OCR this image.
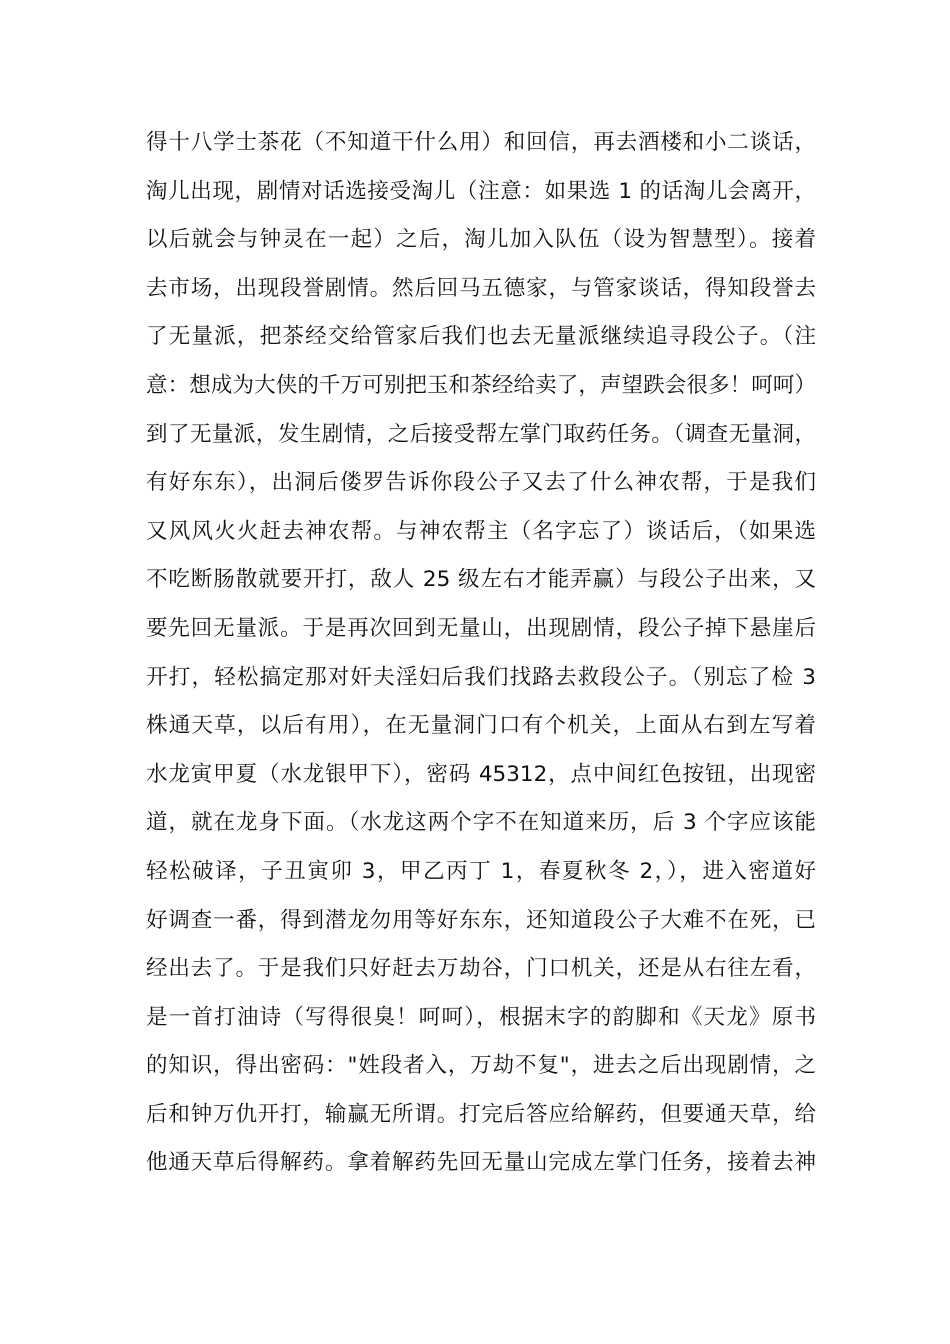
得十八学士茶花（不知道干什么用）和回信，再去酒楼和小二谈话，
淘儿出现，剧情对话选接受淘儿（注意：如果选 1 的话淘儿会离开，
以后就会与钟灵在一起）之后，淘儿加入队伍（设为智慧型）。接着
去市场，出现段誉剧情。然后回马五德家，与管家谈话，得知段誉去
了无量派，把茶经交给管家后我们也去无量派继续追寻段公子。（注
意：想成为大侠的千万可别把玉和茶经给卖了，声望跌会很多！呵呵）
到了无量派，发生剧情，之后接受帮左掌门取药任务。（调查无量洞，
有好东东），出洞后偻罗告诉你段公子又去了什么神农帮，于是我们
又风风火火赶去神农帮。与神农帮主（名字忘了）谈话后，（如果选
不吃断肠散就要开打，敌人 25 级左右才能弄赢）与段公子出来，又
要先回无量派。于是再次回到无量山，出现剧情，段公子掉下悬崖后
开打，轻松搞定那对奸夫淫妇后我们找路去救段公子。（别忘了检 3
株通天草，以后有用），在无量洞门口有个机关，上面从右到左写着
水龙寅甲夏（水龙银甲下），密码 45312，点中间红色按钮，出现密
道，就在龙身下面。（水龙这两个字不在知道来历，后 3 个字应该能
轻松破译，子丑寅卯 3，甲乙丙丁 1，春夏秋冬 2，），进入密道好
好调查一番，得到潜龙勿用等好东东，还知道段公子大难不在死，已
经出去了。于是我们只好赶去万劫谷，门口机关，还是从右往左看，
是一首打油诗（写得很臭！呵呵），根据末字的韵脚和《天龙》原书
的知识，得出密码："姓段者入，万劫不复"，进去之后出现剧情，之
后和钟万仇开打，输赢无所谓。打完后答应给解药，但要通天草，给
他通天草后得解药。拿着解药先回无量山完成左掌门任务，接着去神
